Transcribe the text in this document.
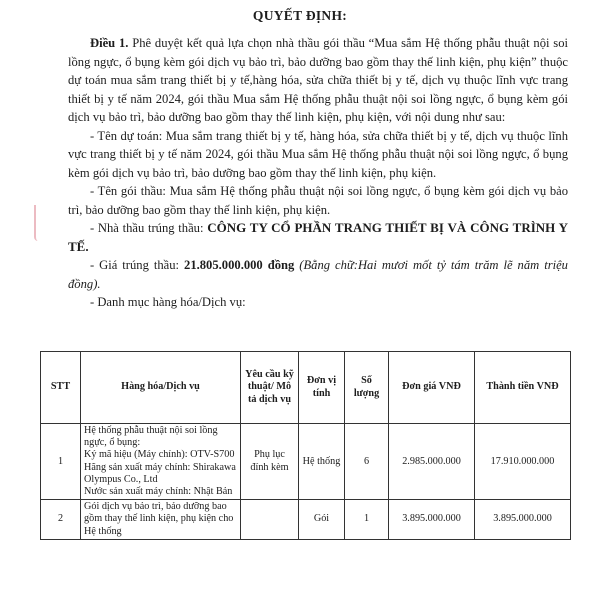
QUYẾT ĐỊNH:

Điều 1. Phê duyệt kết quả lựa chọn nhà thầu gói thầu “Mua sắm Hệ thống phẫu thuật nội soi lồng ngực, ổ bụng kèm gói dịch vụ bảo trì, bảo dưỡng bao gồm thay thế linh kiện, phụ kiện” thuộc dự toán mua sắm trang thiết bị y tế,hàng hóa, sửa chữa thiết bị y tế, dịch vụ thuộc lĩnh vực trang thiết bị y tế năm 2024, gói thầu Mua sắm Hệ thống phẫu thuật nội soi lồng ngực, ổ bụng kèm gói dịch vụ bảo trì, bảo dưỡng bao gồm thay thế linh kiện, phụ kiện, với nội dung như sau:

- Tên dự toán: Mua sắm trang thiết bị y tế, hàng hóa, sửa chữa thiết bị y tế, dịch vụ thuộc lĩnh vực trang thiết bị y tế năm 2024, gói thầu Mua sắm Hệ thống phẫu thuật nội soi lồng ngực, ổ bụng kèm gói dịch vụ bảo trì, bảo dưỡng bao gồm thay thế linh kiện, phụ kiện.

- Tên gói thầu: Mua sắm Hệ thống phẫu thuật nội soi lồng ngực, ổ bụng kèm gói dịch vụ bảo trì, bảo dưỡng bao gồm thay thế linh kiện, phụ kiện.

- Nhà thầu trúng thầu: CÔNG TY CỔ PHẦN TRANG THIẾT BỊ VÀ CÔNG TRÌNH Y TẾ.

- Giá trúng thầu: 21.805.000.000 đồng (Bằng chữ:Hai mươi mốt tỷ tám trăm lẽ năm triệu đồng).

- Danh mục hàng hóa/Dịch vụ:

STT	Hàng hóa/Dịch vụ	Yêu cầu kỹ thuật/ Mô tả dịch vụ	Đơn vị tính	Số lượng	Đơn giá VNĐ	Thành tiền VNĐ
1	Hệ thống phẫu thuật nội soi lồng ngực, ổ bụng:
Ký mã hiệu (Máy chính): OTV-S700
Hãng sản xuất máy chính: Shirakawa Olympus Co., Ltd
Nước sản xuất máy chính: Nhật Bản	Phụ lục đính kèm	Hệ thống	6	2.985.000.000	17.910.000.000
2	Gói dịch vụ bảo trì, bảo dưỡng bao gồm thay thế linh kiện, phụ kiện cho Hệ thống		Gói	1	3.895.000.000	3.895.000.000
